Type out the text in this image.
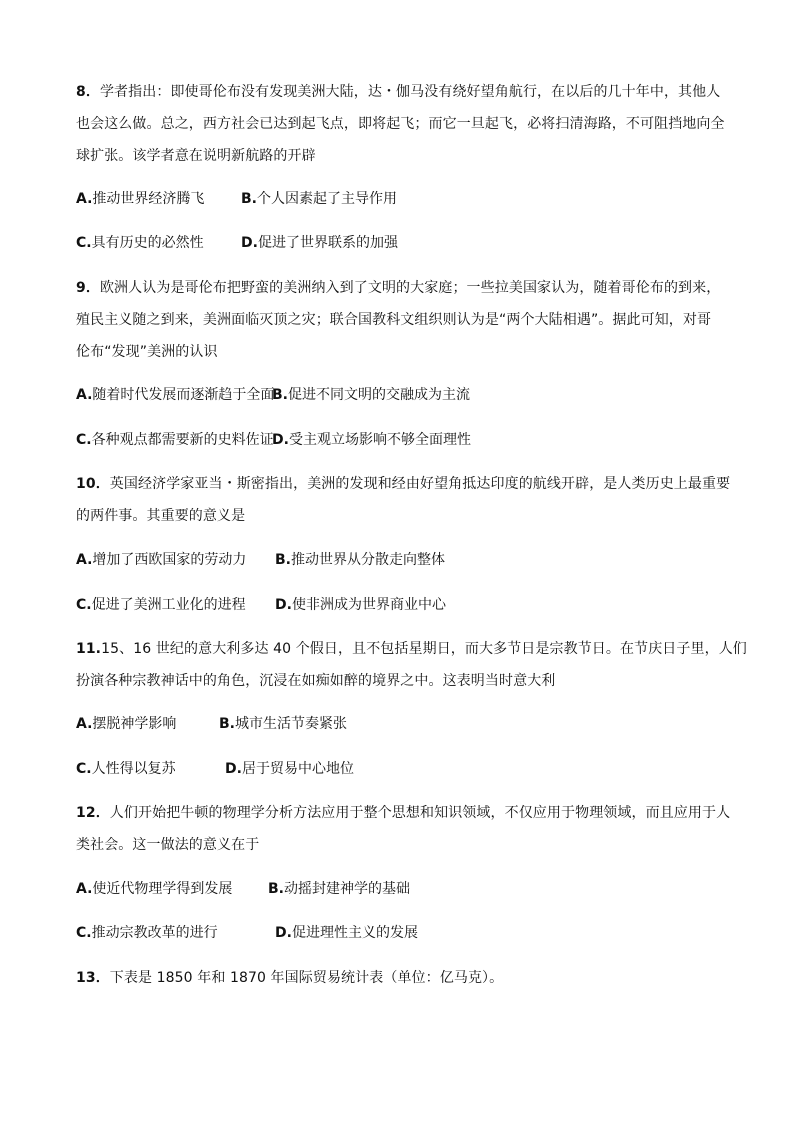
8．学者指出：即使哥伦布没有发现美洲大陆，达・伽马没有绕好望角航行，在以后的几十年中，其他人
也会这么做。总之，西方社会已达到起飞点，即将起飞；而它一旦起飞，必将扫清海路，不可阻挡地向全
球扩张。该学者意在说明新航路的开辟
A.推动世界经济腾飞	B.个人因素起了主导作用
C.具有历史的必然性	D.促进了世界联系的加强
9．欧洲人认为是哥伦布把野蛮的美洲纳入到了文明的大家庭；一些拉美国家认为，随着哥伦布的到来，
殖民主义随之到来，美洲面临灭顶之灾；联合国教科文组织则认为是“两个大陆相遇”。据此可知，对哥
伦布“发现”美洲的认识
A.随着时代发展而逐渐趋于全面
B.促进不同文明的交融成为主流
C.各种观点都需要新的史料佐证
D.受主观立场影响不够全面理性
10．英国经济学家亚当・斯密指出，美洲的发现和经由好望角抵达印度的航线开辟，是人类历史上最重要
的两件事。其重要的意义是
A.增加了西欧国家的劳动力 B.推动世界从分散走向整体
C.促进了美洲工业化的进程 D.使非洲成为世界商业中心
11.15、16 世纪的意大利多达 40 个假日，且不包括星期日，而大多节日是宗教节日。在节庆日子里，人们
扮演各种宗教神话中的角色，沉浸在如痴如醉的境界之中。这表明当时意大利
A.摆脱神学影响	B.城市生活节奏紧张
C.人性得以复苏	D.居于贸易中心地位
12．人们开始把牛顿的物理学分析方法应用于整个思想和知识领域，不仅应用于物理领域，而且应用于人
类社会。这一做法的意义在于
A.使近代物理学得到发展	B.动摇封建神学的基础
C.推动宗教改革的进行	D.促进理性主义的发展
13．下表是 1850 年和 1870 年国际贸易统计表（单位：亿马克）。
